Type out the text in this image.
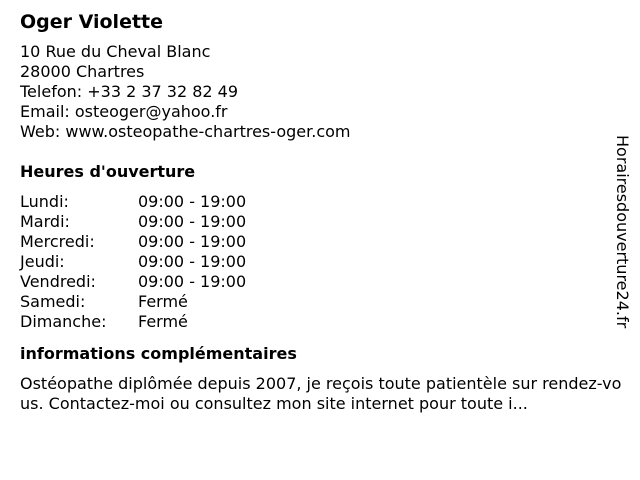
Oger Violette
10 Rue du Cheval Blanc
28000 Chartres
Telefon: +33 2 37 32 82 49
Email: osteoger@yahoo.fr
Web: www.osteopathe-chartres-oger.com
Heures d'ouverture
Lundi:	09:00 - 19:00
Mardi:	09:00 - 19:00
Mercredi:	09:00 - 19:00
Jeudi:	09:00 - 19:00
Vendredi:	09:00 - 19:00
Samedi:	Fermé
Dimanche:	Fermé
informations complémentaires
Ostéopathe diplômée depuis 2007, je reçois toute patientèle sur rendez-vous. Contactez-moi ou consultez mon site internet pour toute i...
Horairesdouverture24.fr
